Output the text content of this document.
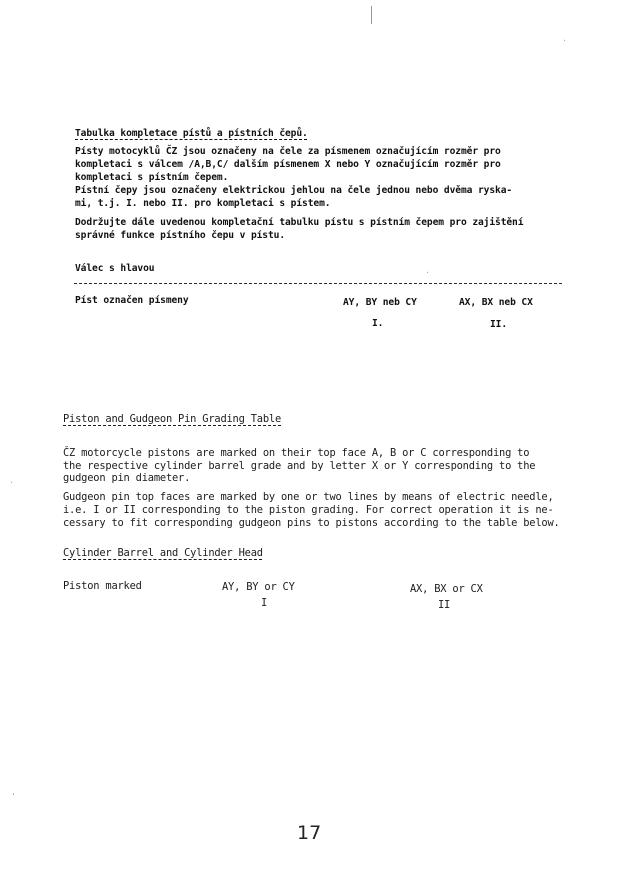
·
·
·
ᐧ
Tabulka kompletace pístů a pístních čepů.
Písty motocyklů ČZ jsou označeny na čele za písmenem označujícím rozměr pro
kompletaci s válcem /A,B,C/ dalším písmenem X nebo Y označujícím rozměr pro
kompletaci s pístním čepem.
Pístní čepy jsou označeny elektrickou jehlou na čele jednou nebo dvěma ryska-
mi, t.j. I. nebo II. pro kompletaci s pístem.
Dodržujte dále uvedenou kompletační tabulku pístu s pístním čepem pro zajištění
správné funkce pístního čepu v pístu.
Válec s hlavou
Píst označen písmeny	AY, BY neb CY
I.
AX, BX neb CX
II.
Piston and Gudgeon Pin Grading Table
ČZ motorcycle pistons are marked on their top face A, B or C corresponding to
the respective cylinder barrel grade and by letter X or Y corresponding to the
gudgeon pin diameter.
Gudgeon pin top faces are marked by one or two lines by means of electric needle,
i.e. I or II corresponding to the piston grading. For correct operation it is ne-
cessary to fit corresponding gudgeon pins to pistons according to the table below.
Cylinder Barrel and Cylinder Head
Piston marked	AY, BY or CY
I
AX, BX or CX
II
17
